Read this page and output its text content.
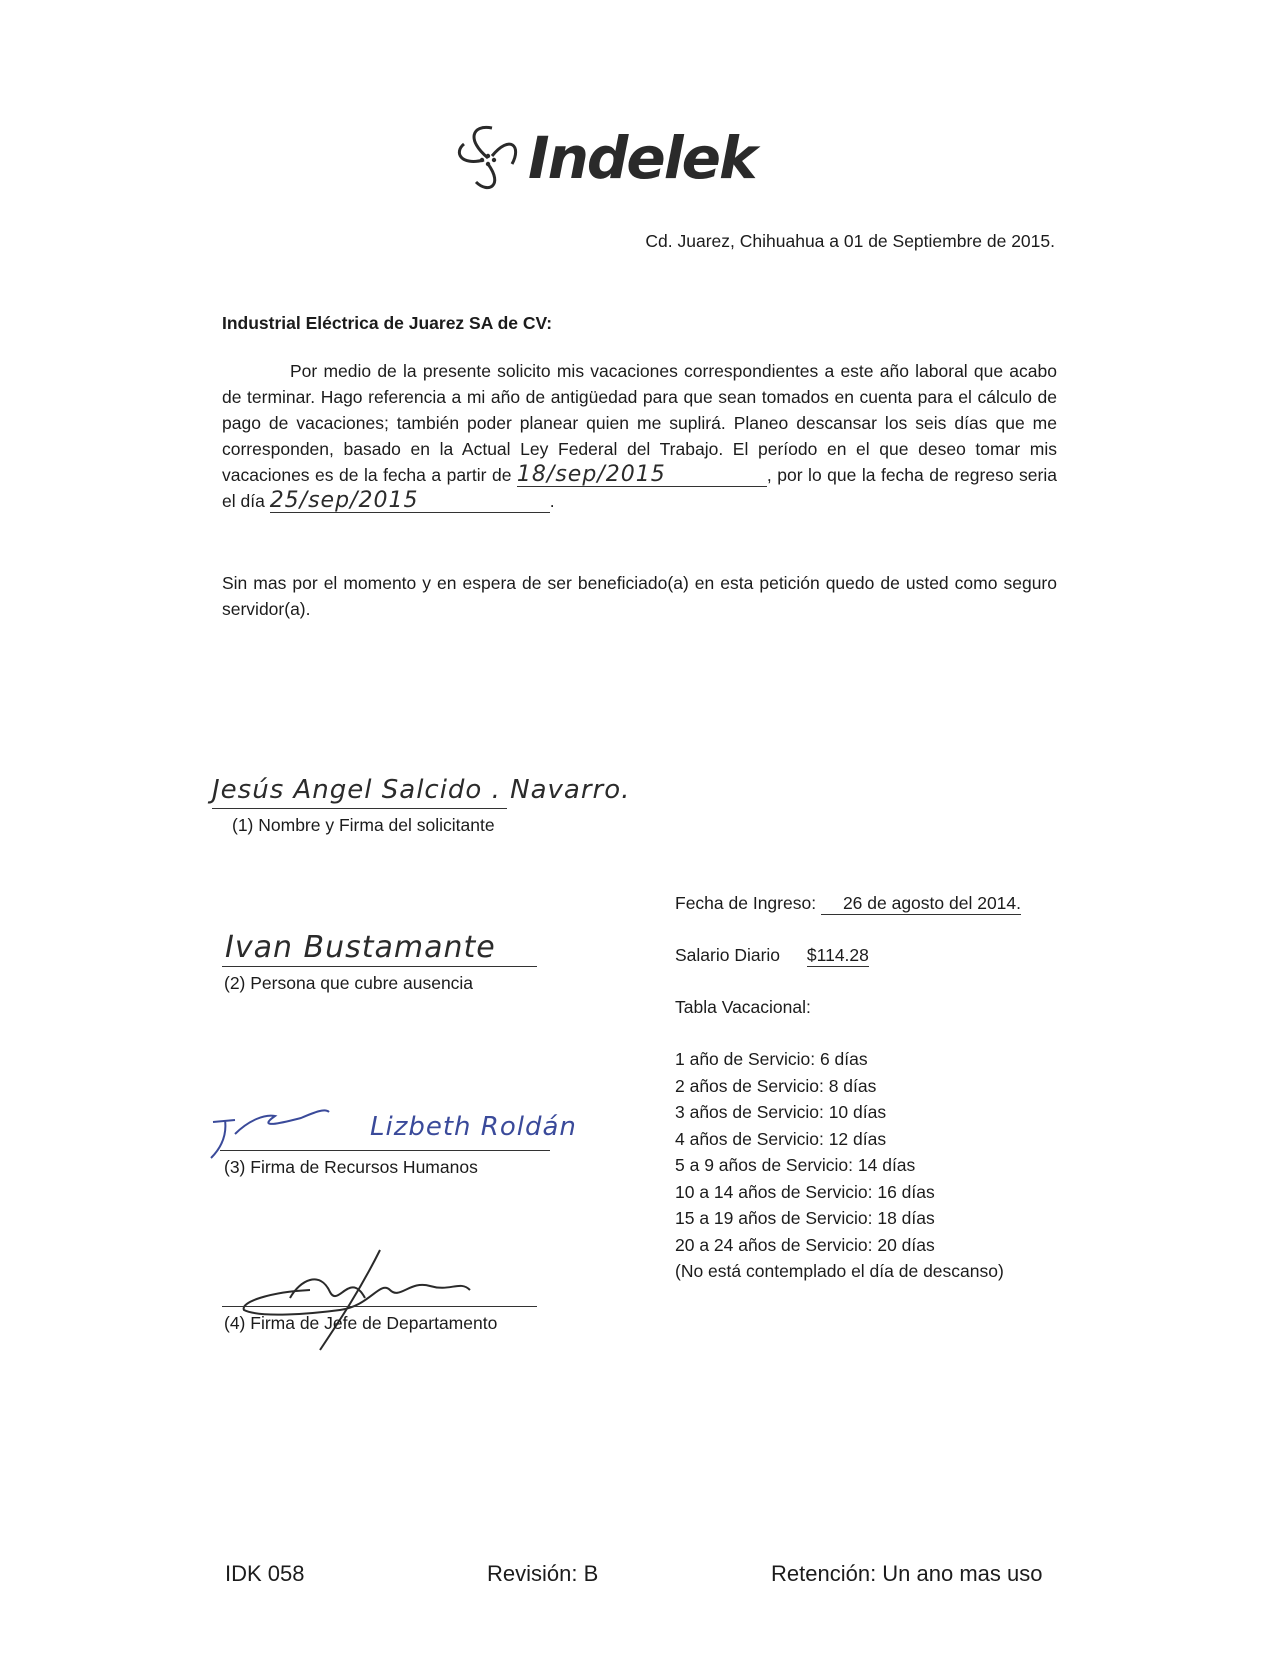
Indelek
Cd. Juarez, Chihuahua a 01 de Septiembre de 2015.
Industrial Eléctrica de Juarez SA de CV:
Por medio de la presente solicito mis vacaciones correspondientes a este año laboral que acabo de terminar. Hago referencia a mi año de antigüedad para que sean tomados en cuenta para el cálculo de pago de vacaciones; también poder planear quien me suplirá. Planeo descansar los seis días que me corresponden, basado en la Actual Ley Federal del Trabajo. El período en el que deseo tomar mis vacaciones es de la fecha a partir de 18/sep/2015	, por lo que la fecha de regreso seria el día 25/sep/2015	.
Sin mas por el momento y en espera de ser beneficiado(a) en esta petición quedo de usted como seguro servidor(a).
Jesús Angel Salcido . Navarro.
(1) Nombre y Firma del solicitante
Ivan Bustamante
(2) Persona que cubre ausencia
Lizbeth Roldán
(3) Firma de Recursos Humanos
(4) Firma de Jefe de Departamento
Fecha de Ingreso: 26 de agosto del 2014.
Salario Diario $114.28
Tabla Vacacional:
1 año de Servicio: 6 días
2 años de Servicio: 8 días
3 años de Servicio: 10 días
4 años de Servicio: 12 días
5 a 9 años de Servicio: 14 días
10 a 14 años de Servicio: 16 días
15 a 19 años de Servicio: 18 días
20 a 24 años de Servicio: 20 días
(No está contemplado el día de descanso)
IDK 058	Revisión: B	Retención: Un ano mas uso
